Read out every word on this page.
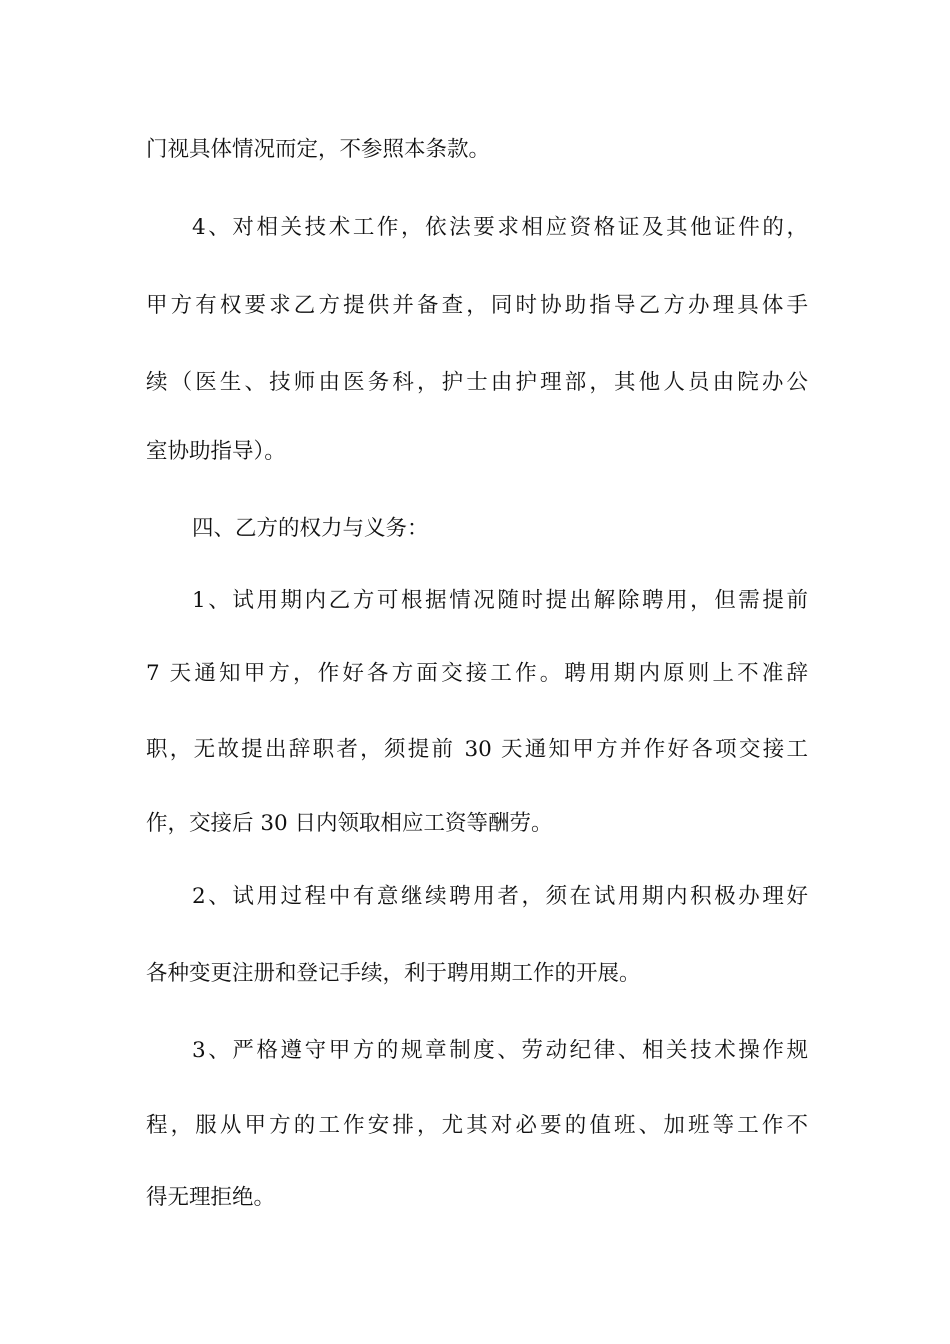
门视具体情况而定，不参照本条款。
4、对相关技术工作，依法要求相应资格证及其他证件的，
甲方有权要求乙方提供并备查，同时协助指导乙方办理具体手
续（医生、技师由医务科，护士由护理部，其他人员由院办公
室协助指导）。
四、乙方的权力与义务：
1、试用期内乙方可根据情况随时提出解除聘用，但需提前
7 天通知甲方，作好各方面交接工作。聘用期内原则上不准辞
职，无故提出辞职者，须提前 30 天通知甲方并作好各项交接工
作，交接后 30 日内领取相应工资等酬劳。
2、试用过程中有意继续聘用者，须在试用期内积极办理好
各种变更注册和登记手续，利于聘用期工作的开展。
3、严格遵守甲方的规章制度、劳动纪律、相关技术操作规
程，服从甲方的工作安排，尤其对必要的值班、加班等工作不
得无理拒绝。
